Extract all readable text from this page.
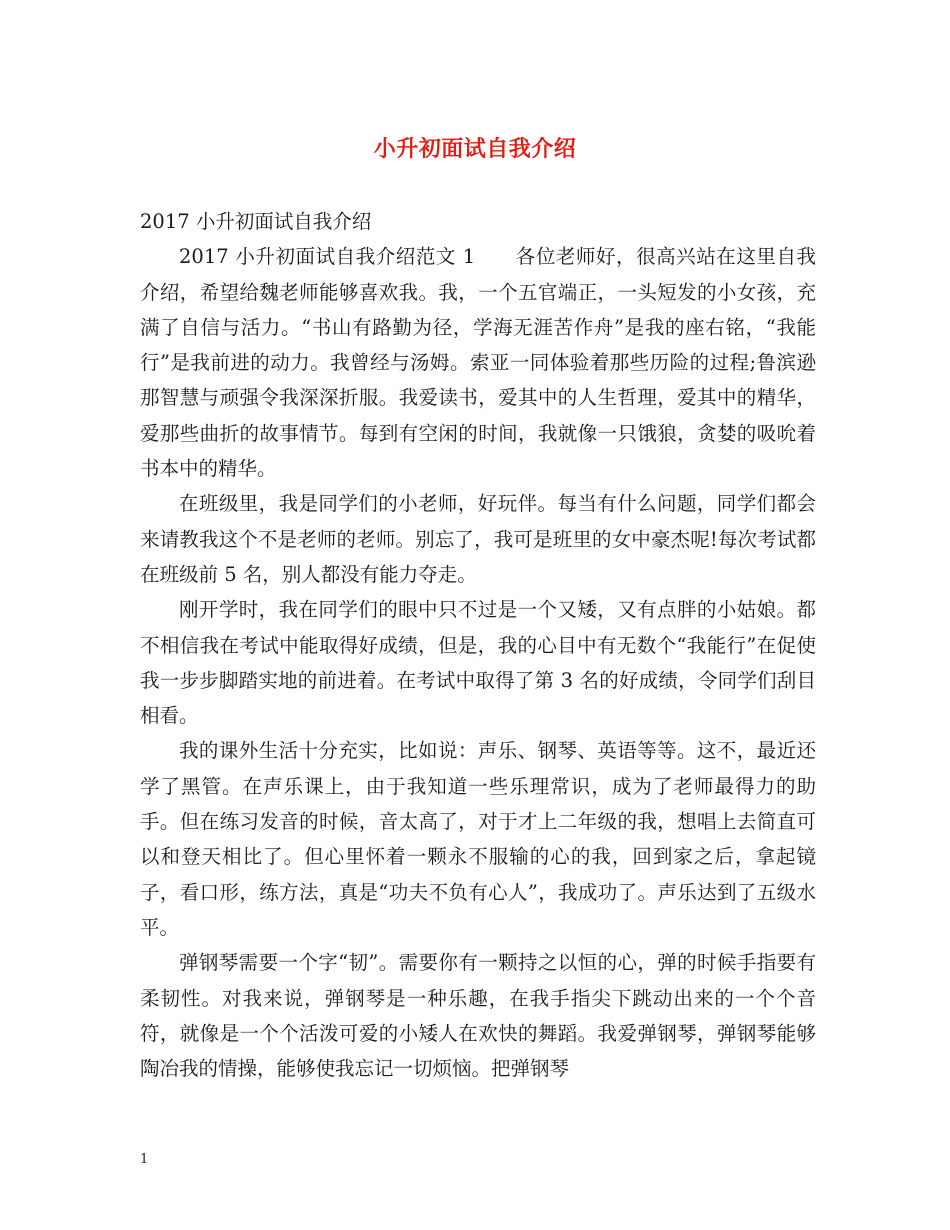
小升初面试自我介绍

2017 小升初面试自我介绍

2017 小升初面试自我介绍范文 1　　各位老师好，很高兴站在这里自我介绍，希望给魏老师能够喜欢我。我，一个五官端正，一头短发的小女孩，充满了自信与活力。“书山有路勤为径，学海无涯苦作舟”是我的座右铭，“我能行”是我前进的动力。我曾经与汤姆。索亚一同体验着那些历险的过程;鲁滨逊那智慧与顽强令我深深折服。我爱读书，爱其中的人生哲理，爱其中的精华，爱那些曲折的故事情节。每到有空闲的时间，我就像一只饿狼，贪婪的吸吮着书本中的精华。

在班级里，我是同学们的小老师，好玩伴。每当有什么问题，同学们都会来请教我这个不是老师的老师。别忘了，我可是班里的女中豪杰呢!每次考试都在班级前 5 名，别人都没有能力夺走。

刚开学时，我在同学们的眼中只不过是一个又矮，又有点胖的小姑娘。都不相信我在考试中能取得好成绩，但是，我的心目中有无数个“我能行”在促使我一步步脚踏实地的前进着。在考试中取得了第 3 名的好成绩，令同学们刮目相看。

我的课外生活十分充实，比如说：声乐、钢琴、英语等等。这不，最近还学了黑管。在声乐课上，由于我知道一些乐理常识，成为了老师最得力的助手。但在练习发音的时候，音太高了，对于才上二年级的我，想唱上去简直可以和登天相比了。但心里怀着一颗永不服输的心的我，回到家之后，拿起镜子，看口形，练方法，真是“功夫不负有心人”，我成功了。声乐达到了五级水平。

弹钢琴需要一个字“韧”。需要你有一颗持之以恒的心，弹的时候手指要有柔韧性。对我来说，弹钢琴是一种乐趣，在我手指尖下跳动出来的一个个音符，就像是一个个活泼可爱的小矮人在欢快的舞蹈。我爱弹钢琴，弹钢琴能够陶冶我的情操，能够使我忘记一切烦恼。把弹钢琴

1
